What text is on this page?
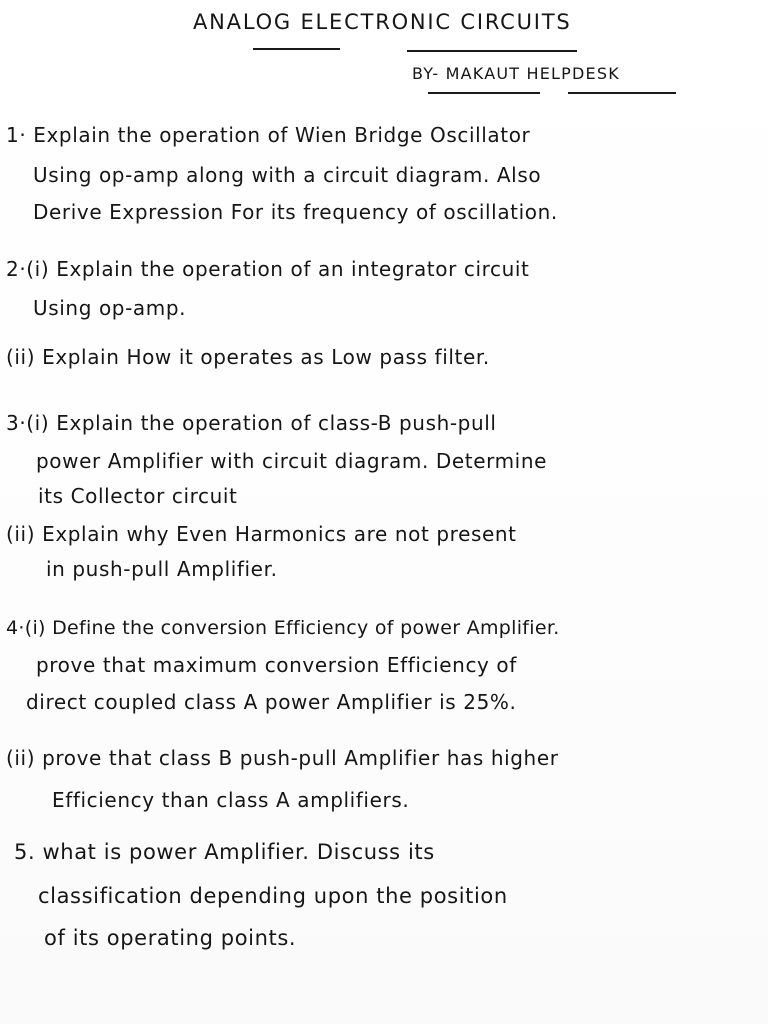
ANALOG ELECTRONIC CIRCUITS
BY- MAKAUT HELPDESK
1· Explain the operation of Wien Bridge Oscillator
Using op-amp along with a circuit diagram. Also
Derive Expression For its frequency of oscillation.
2·(i) Explain the operation of an integrator circuit
Using op-amp.
(ii) Explain How it operates as Low pass filter.
3·(i) Explain the operation of class-B push-pull
power Amplifier with circuit diagram. Determine
its Collector circuit
(ii) Explain why Even Harmonics are not present
in push-pull Amplifier.
4·(i) Define the conversion Efficiency of power Amplifier.
prove that maximum conversion Efficiency of
direct coupled class A power Amplifier is 25%.
(ii) prove that class B push-pull Amplifier has higher
Efficiency than class A amplifiers.
5. what is power Amplifier. Discuss its
classification depending upon the position
of its operating points.
